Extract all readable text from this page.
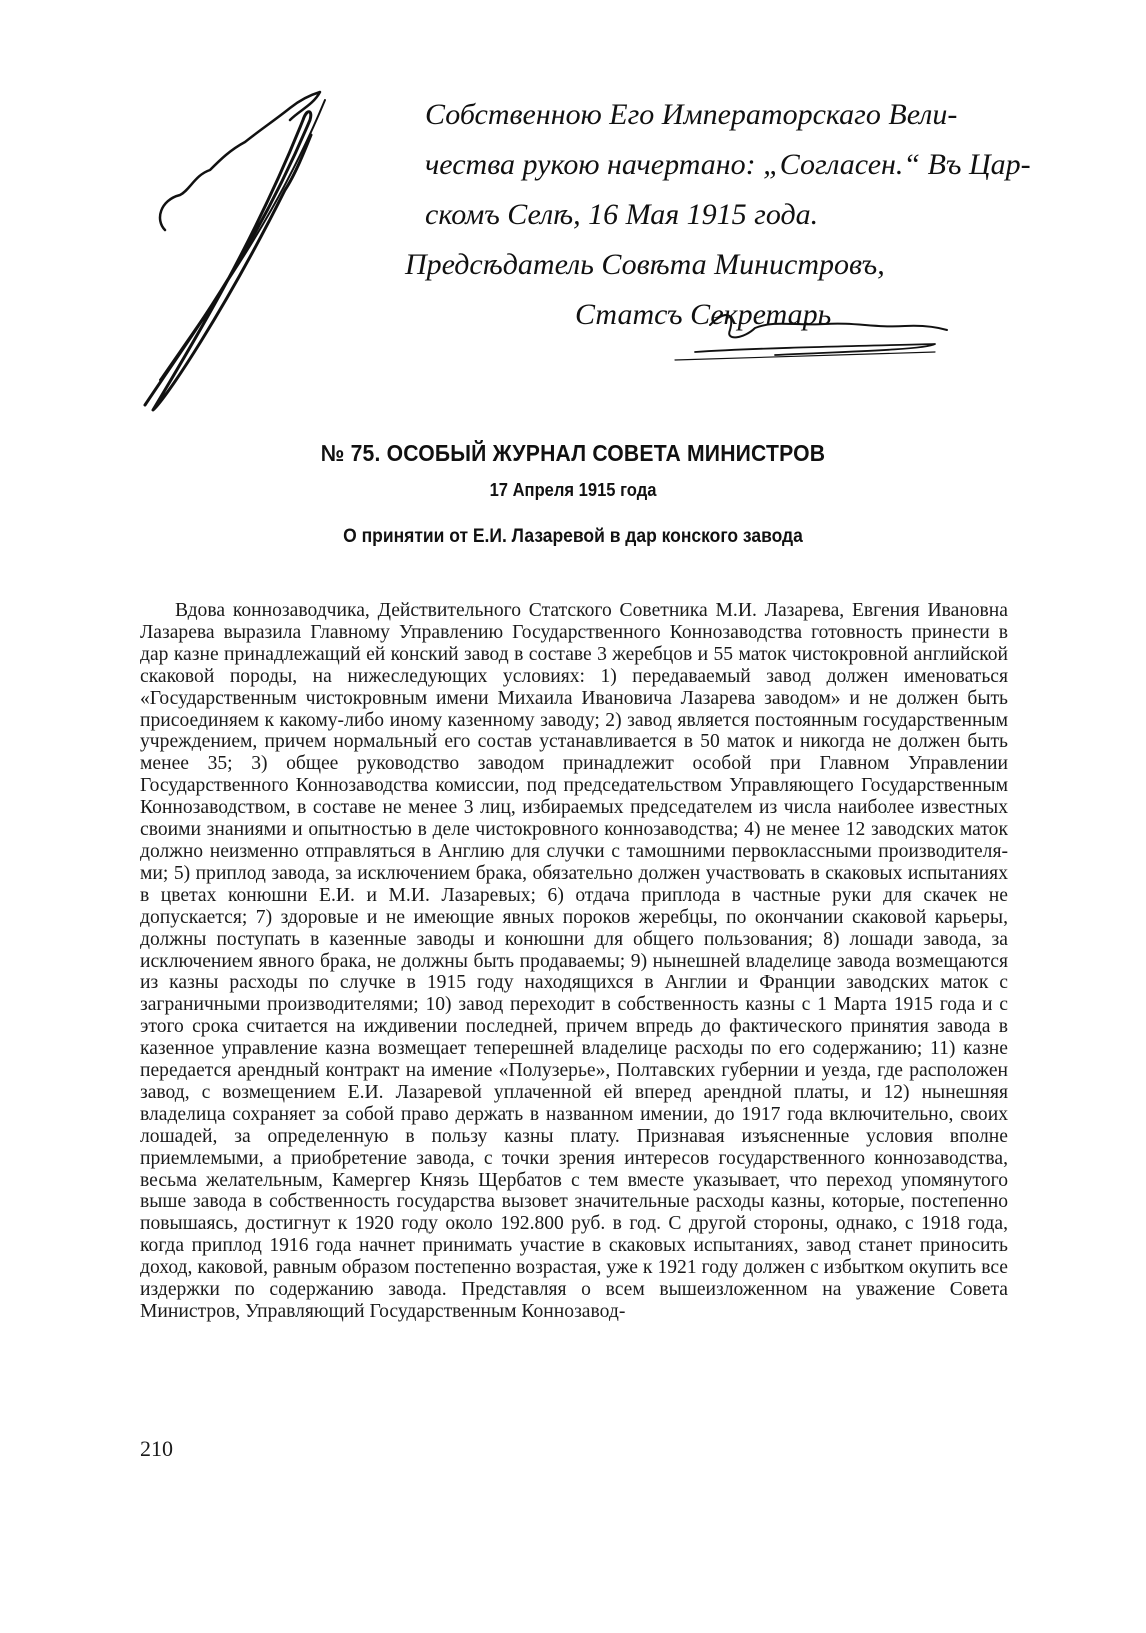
Собственною Его Императорскаго Вели-
чества рукою начертано: „Согласен.“ Въ Цар-
скомъ Селѣ, 16 Мая 1915 года.
Предсѣдатель Совѣта Министровъ,
Статсъ Секретарь
№ 75. ОСОБЫЙ ЖУРНАЛ СОВЕТА МИНИСТРОВ
17 Апреля 1915 года
О принятии от Е.И. Лазаревой в дар конского завода

Вдова коннозаводчика, Действительного Статского Советника М.И. Лазарева, Евгения Ивановна Лазарева выразила Главному Управлению Государственного Коннозаводства готовность принести в дар казне принадлежащий ей конский завод в составе 3 жеребцов и 55 маток чистокровной английской скаковой породы, на нижеследующих условиях: 1) передаваемый завод должен именоваться «Государственным чистокровным имени Михаила Ивановича Лазарева заводом» и не должен быть присоединяем к какому-либо иному казенному заводу; 2) завод является постоянным государственным учреждением, причем нормальный его состав устанавливается в 50 маток и никогда не должен быть менее 35; 3) общее руководство заводом принадлежит особой при Главном Управлении Государственного Коннозаводства комиссии, под председательством Управляющего Государственным Коннозаводством, в составе не менее 3 лиц, избираемых председателем из числа наиболее известных своими знаниями и опытностью в деле чистокровного коннозаводства; 4) не менее 12 заводских маток должно неизменно отправляться в Англию для случки с тамошними первоклассными производителями; 5) приплод завода, за исключением брака, обязательно должен участвовать в скаковых испытаниях в цветах конюшни Е.И. и М.И. Лазаревых; 6) отдача приплода в частные руки для скачек не допускается; 7) здоровые и не имеющие явных пороков жеребцы, по окончании скаковой карьеры, должны поступать в казенные заводы и конюшни для общего пользования; 8) лошади завода, за исключением явного брака, не должны быть продаваемы; 9) нынешней владелице завода возмещаются из казны расходы по случке в 1915 году находящихся в Англии и Франции заводских маток с заграничными производителями; 10) завод переходит в собственность казны с 1 Марта 1915 года и с этого срока считается на иждивении последней, причем впредь до фактического принятия завода в казенное управление казна возмещает теперешней владелице расходы по его содержанию; 11) казне передается арендный контракт на имение «Полузерье», Полтавских губернии и уезда, где расположен завод, с возмещением Е.И. Лазаревой уплаченной ей вперед арендной платы, и 12) нынешняя владелица сохраняет за собой право держать в названном имении, до 1917 года включительно, своих лошадей, за определенную в пользу казны плату. Признавая изъясненные условия вполне приемлемыми, а приобретение завода, с точки зрения интересов государственного коннозаводства, весьма желательным, Камергер Князь Щербатов с тем вместе указывает, что переход упомянутого выше завода в собственность государства вызовет значительные расходы казны, которые, постепенно повышаясь, достигнут к 1920 году около 192.800 руб. в год. С другой стороны, однако, с 1918 года, когда приплод 1916 года начнет принимать участие в скаковых испытаниях, завод станет приносить доход, каковой, равным образом постепенно возрастая, уже к 1921 году должен с избытком окупить все издержки по содержанию завода. Представляя о всем вышеизложенном на уважение Совета Министров, Управляющий Государственным Коннозавод-

210
